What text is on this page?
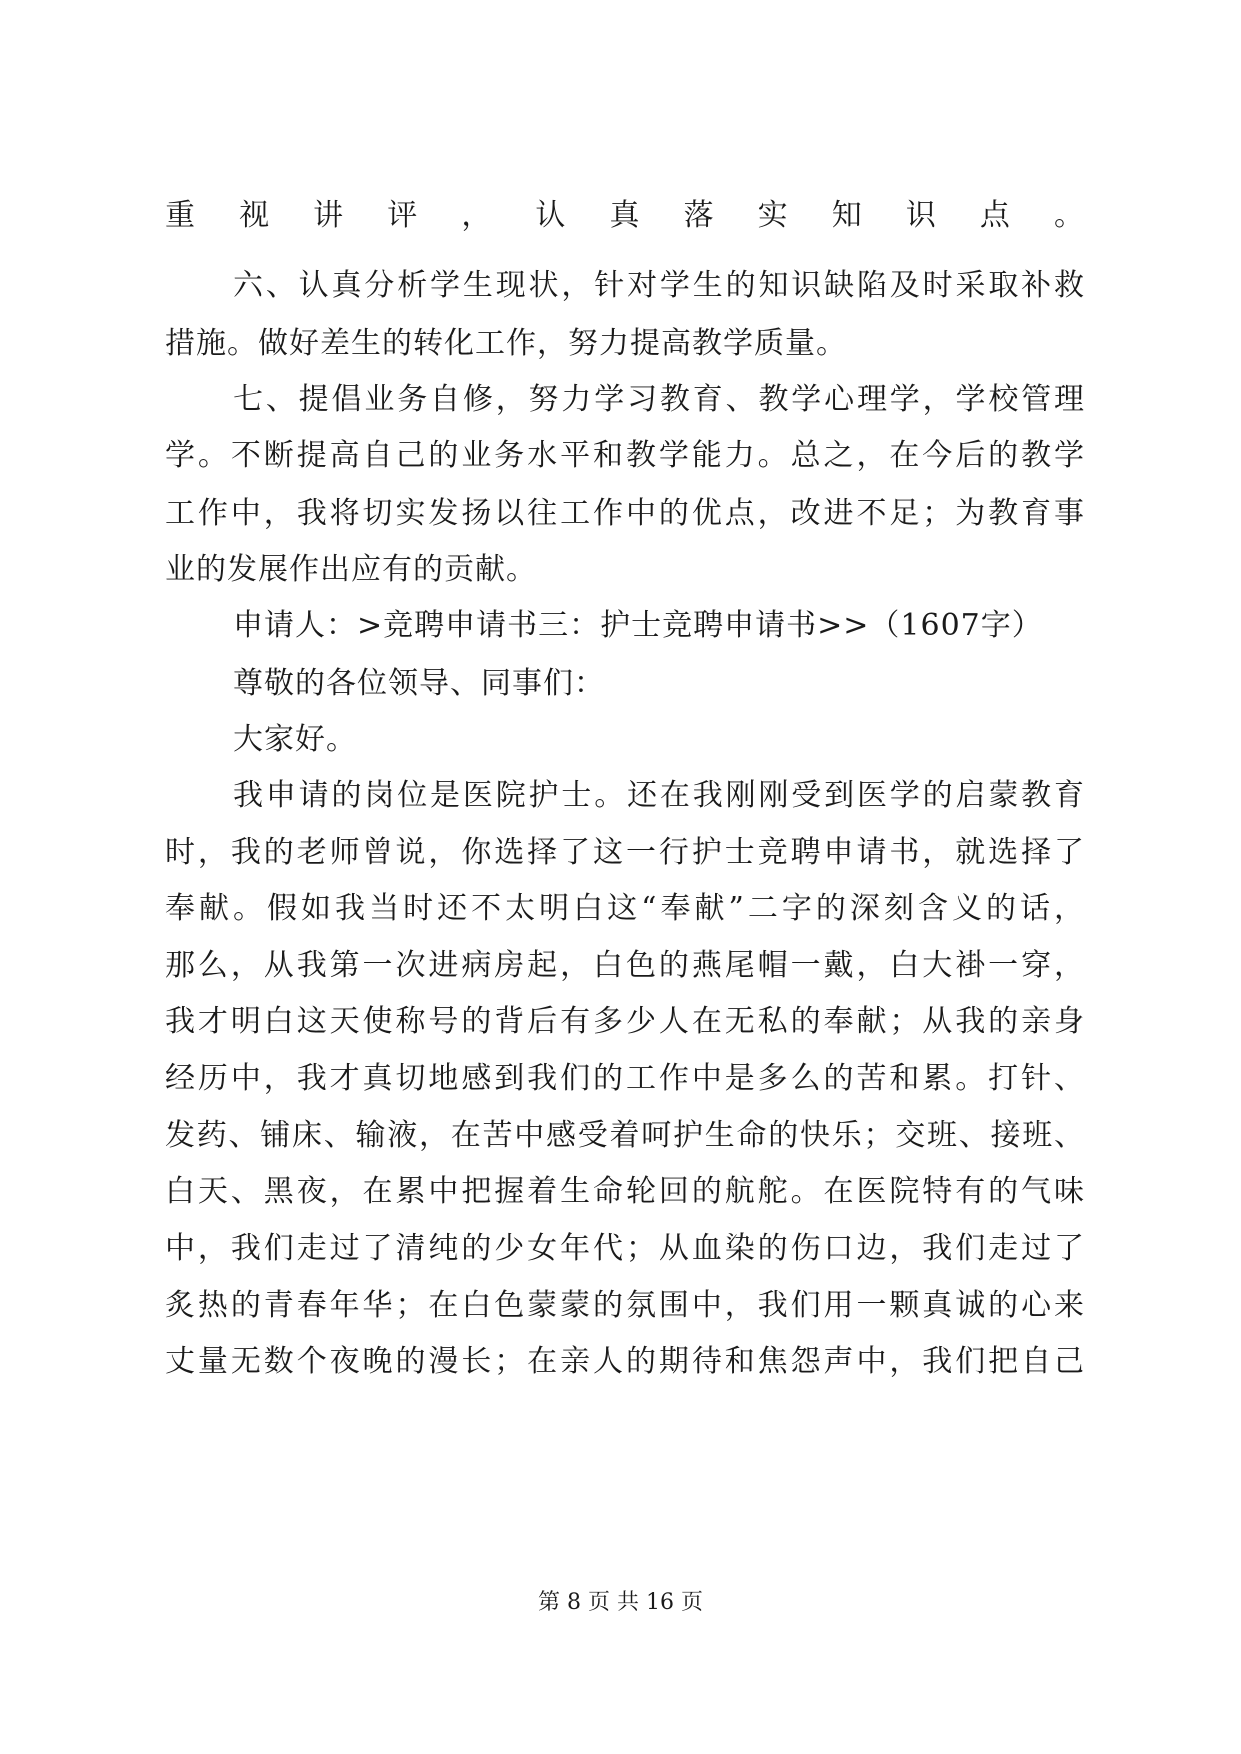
重视讲评，认真落实知识点。
六、认真分析学生现状，针对学生的知识缺陷及时采取补救
措施。做好差生的转化工作，努力提高教学质量。
七、提倡业务自修，努力学习教育、教学心理学，学校管理
学。不断提高自己的业务水平和教学能力。总之，在今后的教学
工作中，我将切实发扬以往工作中的优点，改进不足；为教育事
业的发展作出应有的贡献。
申请人：>竞聘申请书三：护士竞聘申请书>>（1607字）
尊敬的各位领导、同事们：
大家好。
我申请的岗位是医院护士。还在我刚刚受到医学的启蒙教育
时，我的老师曾说，你选择了这一行护士竞聘申请书，就选择了
奉献。假如我当时还不太明白这“奉献”二字的深刻含义的话，
那么，从我第一次进病房起，白色的燕尾帽一戴，白大褂一穿，
我才明白这天使称号的背后有多少人在无私的奉献；从我的亲身
经历中，我才真切地感到我们的工作中是多么的苦和累。打针、
发药、铺床、输液，在苦中感受着呵护生命的快乐；交班、接班、
白天、黑夜，在累中把握着生命轮回的航舵。在医院特有的气味
中，我们走过了清纯的少女年代；从血染的伤口边，我们走过了
炙热的青春年华；在白色蒙蒙的氛围中，我们用一颗真诚的心来
丈量无数个夜晚的漫长；在亲人的期待和焦怨声中，我们把自己
第 8 页 共 16 页
